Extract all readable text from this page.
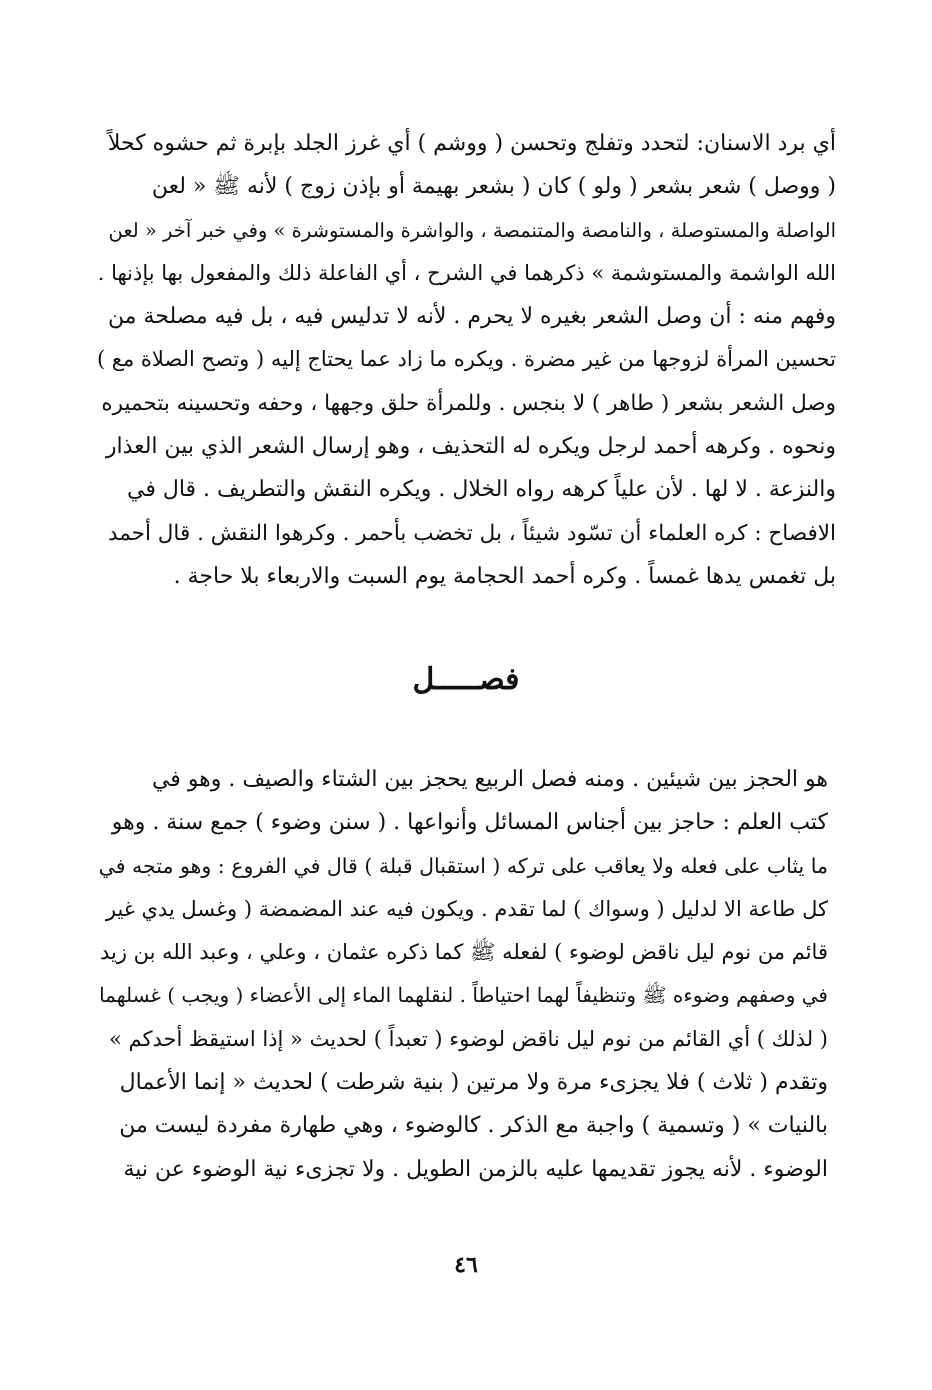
أي برد الاسنان: لتحدد وتفلج وتحسن ( ووشم ) أي غرز الجلد بإبرة ثم حشوه كحلاً
( ووصل ) شعر بشعر ( ولو ) كان ( بشعر بهيمة أو بإذن زوج ) لأنه ﷺ « لعن
الواصلة والمستوصلة ، والنامصة والمتنمصة ، والواشرة والمستوشرة » وفي خبر آخر « لعن
الله الواشمة والمستوشمة » ذكرهما في الشرح ، أي الفاعلة ذلك والمفعول بها بإذنها .
وفهم منه : أن وصل الشعر بغيره لا يحرم . لأنه لا تدليس فيه ، بل فيه مصلحة من
تحسين المرأة لزوجها من غير مضرة . ويكره ما زاد عما يحتاج إليه ( وتصح الصلاة مع )
وصل الشعر بشعر ( طاهر ) لا بنجس . وللمرأة حلق وجهها ، وحفه وتحسينه بتحميره
ونحوه . وكرهه أحمد لرجل ويكره له التحذيف ، وهو إرسال الشعر الذي بين العذار
والنزعة . لا لها . لأن علياً كرهه رواه الخلال . ويكره النقش والتطريف . قال في
الافصاح : كره العلماء أن تسّود شيئاً ، بل تخضب بأحمر . وكرهوا النقش . قال أحمد
بل تغمس يدها غمساً . وكره أحمد الحجامة يوم السبت والاربعاء بلا حاجة .
فصـــــل
هو الحجز بين شيئين . ومنه فصل الربيع يحجز بين الشتاء والصيف . وهو في
كتب العلم : حاجز بين أجناس المسائل وأنواعها . ( سنن وضوء ) جمع سنة . وهو
ما يثاب على فعله ولا يعاقب على تركه ( استقبال قبلة ) قال في الفروع : وهو متجه في
كل طاعة الا لدليل ( وسواك ) لما تقدم . ويكون فيه عند المضمضة ( وغسل يدي غير
قائم من نوم ليل ناقض لوضوء ) لفعله ﷺ كما ذكره عثمان ، وعلي ، وعبد الله بن زيد
في وصفهم وضوءه ﷺ وتنظيفاً لهما احتياطاً . لنقلهما الماء إلى الأعضاء ( ويجب ) غسلهما
( لذلك ) أي القائم من نوم ليل ناقض لوضوء ( تعبداً ) لحديث « إذا استيقظ أحدكم »
وتقدم ( ثلاث ) فلا يجزىء مرة ولا مرتين ( بنية شرطت ) لحديث « إنما الأعمال
بالنيات » ( وتسمية ) واجبة مع الذكر . كالوضوء ، وهي طهارة مفردة ليست من
الوضوء . لأنه يجوز تقديمها عليه بالزمن الطويل . ولا تجزىء نية الوضوء عن نية
٤٦
